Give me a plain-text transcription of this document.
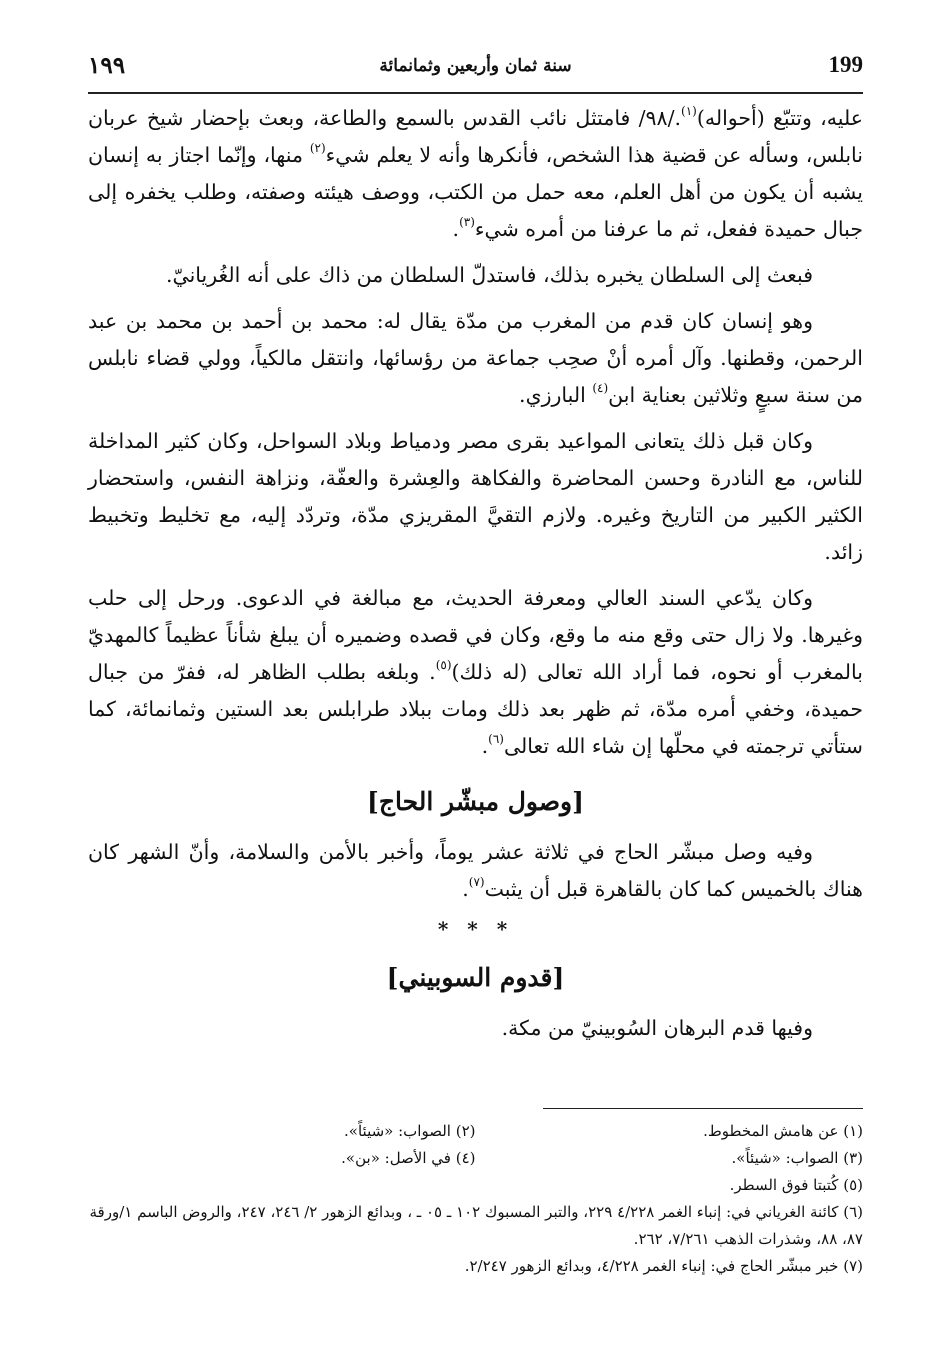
١٩٩	سنة ثمان وأربعين وثمانمائة	199

عليه، وتتبّع (أحواله)$^{(١)}$./٩٨/ فامتثل نائب القدس بالسمع والطاعة، وبعث بإحضار شيخ عربان نابلس، وسأله عن قضية هذا الشخص، فأنكرها وأنه لا يعلم شيء$^{(٢)}$ منها، وإنّما اجتاز به إنسان يشبه أن يكون من أهل العلم، معه حمل من الكتب، ووصف هيئته وصفته، وطلب يخفره إلى جبال حميدة ففعل، ثم ما عرفنا من أمره شيء$^{(٣)}$.

فبعث إلى السلطان يخبره بذلك، فاستدلّ السلطان من ذاك على أنه الغُريانيّ.

وهو إنسان كان قدم من المغرب من مدّة يقال له: محمد بن أحمد بن محمد بن عبد الرحمن، وقطنها. وآل أمره أنْ صحِب جماعة من رؤسائها، وانتقل مالكياً، وولي قضاء نابلس من سنة سبعٍ وثلاثين بعناية ابن$^{(٤)}$ البارزي.

وكان قبل ذلك يتعانى المواعيد بقرى مصر ودمياط وبلاد السواحل، وكان كثير المداخلة للناس، مع النادرة وحسن المحاضرة والفكاهة والعِشرة والعفّة، ونزاهة النفس، واستحضار الكثير الكبير من التاريخ وغيره. ولازم التقيَّ المقريزي مدّة، وتردّد إليه، مع تخليط وتخبيط زائد.

وكان يدّعي السند العالي ومعرفة الحديث، مع مبالغة في الدعوى. ورحل إلى حلب وغيرها. ولا زال حتى وقع منه ما وقع، وكان في قصده وضميره أن يبلغ شأناً عظيماً كالمهديّ بالمغرب أو نحوه، فما أراد الله تعالى (له ذلك)$^{(٥)}$. وبلغه بطلب الظاهر له، ففرّ من جبال حميدة، وخفي أمره مدّة، ثم ظهر بعد ذلك ومات ببلاد طرابلس بعد الستين وثمانمائة، كما ستأتي ترجمته في محلّها إن شاء الله تعالى$^{(٦)}$.

[وصول مبشّر الحاج]

وفيه وصل مبشّر الحاج في ثلاثة عشر يوماً، وأخبر بالأمن والسلامة، وأنّ الشهر كان هناك بالخميس كما كان بالقاهرة قبل أن يثبت$^{(٧)}$.

* * *
[قدوم السوبيني]

وفيها قدم البرهان السُوبينيّ من مكة.

(١) عن هامش المخطوط.
(٢) الصواب: «شيئاً».
(٣) الصواب: «شيئاً».
(٤) في الأصل: «بن».
(٥) كُتبتا فوق السطر.
(٦) كائنة الغرياني في: إنباء الغمر ٤/٢٢٨ ٢٢٩، والتبر المسبوك ١٠٢ ـ ٠٥ ـ ، وبدائع الزهور ٢/ ٢٤٦، ٢٤٧، والروض الباسم ١/ورقة ٨٧، ٨٨، وشذرات الذهب ٧/٢٦١، ٢٦٢.
(٧) خبر مبشّر الحاج في: إنباء الغمر ٤/٢٢٨، وبدائع الزهور ٢/٢٤٧.
